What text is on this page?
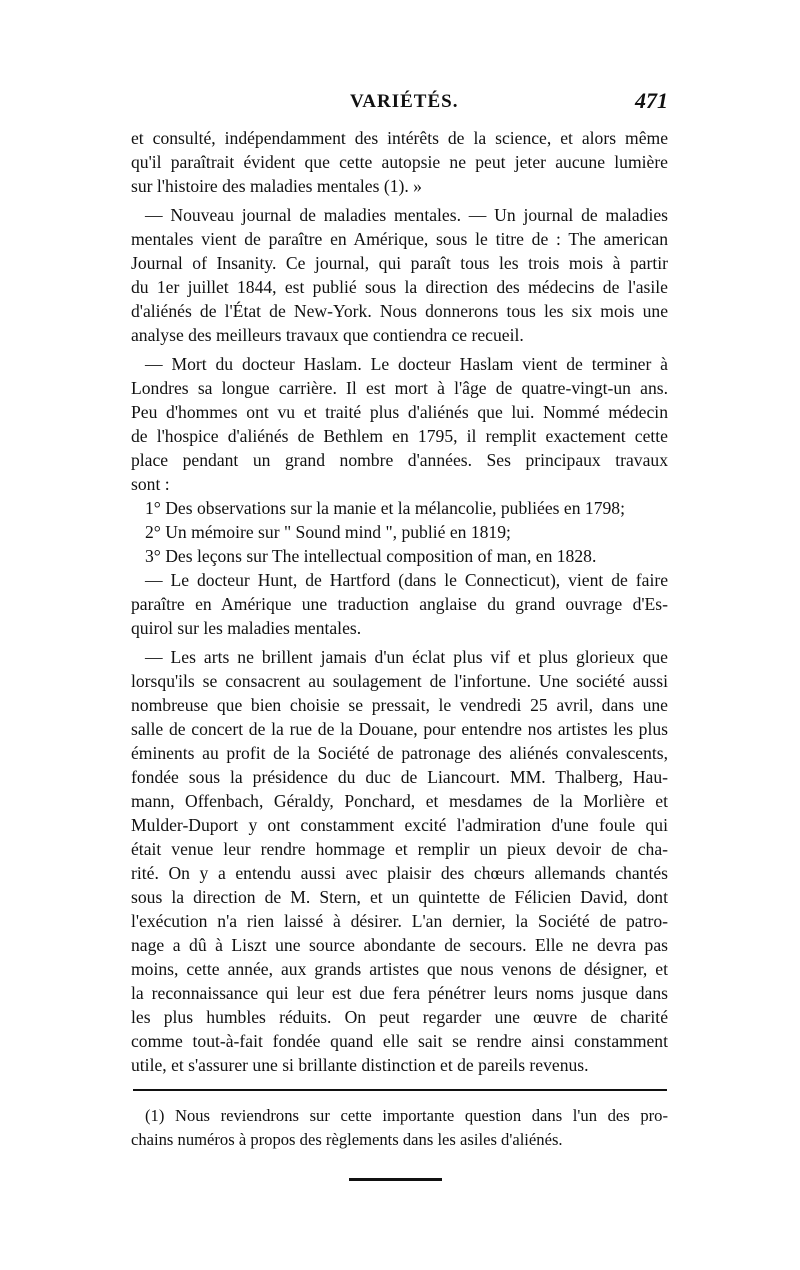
VARIÉTÉS.	471
et consulté, indépendamment des intérêts de la science, et alors même
qu'il paraîtrait évident que cette autopsie ne peut jeter aucune lumière
sur l'histoire des maladies mentales (1). »
— Nouveau journal de maladies mentales. — Un journal de maladies
mentales vient de paraître en Amérique, sous le titre de : The american
Journal of Insanity. Ce journal, qui paraît tous les trois mois à partir
du 1er juillet 1844, est publié sous la direction des médecins de l'asile
d'aliénés de l'État de New-York. Nous donnerons tous les six mois une
analyse des meilleurs travaux que contiendra ce recueil.
— Mort du docteur Haslam. Le docteur Haslam vient de terminer à
Londres sa longue carrière. Il est mort à l'âge de quatre-vingt-un ans.
Peu d'hommes ont vu et traité plus d'aliénés que lui. Nommé médecin
de l'hospice d'aliénés de Bethlem en 1795, il remplit exactement cette
place pendant un grand nombre d'années. Ses principaux travaux
sont :
1° Des observations sur la manie et la mélancolie, publiées en 1798;
2° Un mémoire sur " Sound mind ", publié en 1819;
3° Des leçons sur The intellectual composition of man, en 1828.
— Le docteur Hunt, de Hartford (dans le Connecticut), vient de faire
paraître en Amérique une traduction anglaise du grand ouvrage d'Es-
quirol sur les maladies mentales.
— Les arts ne brillent jamais d'un éclat plus vif et plus glorieux que
lorsqu'ils se consacrent au soulagement de l'infortune. Une société aussi
nombreuse que bien choisie se pressait, le vendredi 25 avril, dans une
salle de concert de la rue de la Douane, pour entendre nos artistes les plus
éminents au profit de la Société de patronage des aliénés convalescents,
fondée sous la présidence du duc de Liancourt. MM. Thalberg, Hau-
mann, Offenbach, Géraldy, Ponchard, et mesdames de la Morlière et
Mulder-Duport y ont constamment excité l'admiration d'une foule qui
était venue leur rendre hommage et remplir un pieux devoir de cha-
rité. On y a entendu aussi avec plaisir des chœurs allemands chantés
sous la direction de M. Stern, et un quintette de Félicien David, dont
l'exécution n'a rien laissé à désirer. L'an dernier, la Société de patro-
nage a dû à Liszt une source abondante de secours. Elle ne devra pas
moins, cette année, aux grands artistes que nous venons de désigner, et
la reconnaissance qui leur est due fera pénétrer leurs noms jusque dans
les plus humbles réduits. On peut regarder une œuvre de charité
comme tout-à-fait fondée quand elle sait se rendre ainsi constamment
utile, et s'assurer une si brillante distinction et de pareils revenus.
(1) Nous reviendrons sur cette importante question dans l'un des pro-
chains numéros à propos des règlements dans les asiles d'aliénés.
